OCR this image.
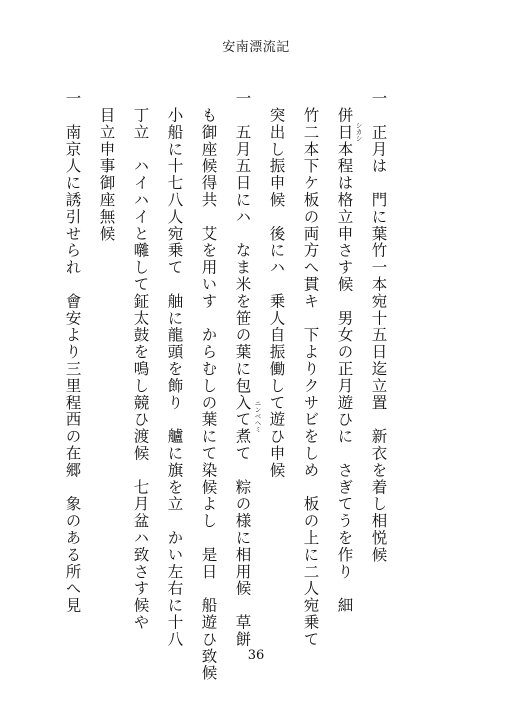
安南漂流記
一　正月は　門に葉竹一本宛十五日迄立置　新衣を着し相悦候
　併日本程は格立申さす候　男女の正月遊ひに　さぎてうを作り　細
　竹二本下ケ板の両方へ貫キ　下よりクサビをしめ　板の上に二人宛乗て
　突出し振申候　後にハ　乗人自振働して遊ひ申候
一　五月五日にハ　なま米を笹の葉に包入て煮て　粽の様に相用候　草餅
　も御座候得共　艾を用いす　からむしの葉にて染候よし　是日　船遊ひ致候
　小船に十七八人宛乗て　舳に龍頭を飾り　艫に旗を立　かい左右に十八
　丁立　ハイハイと囃して鉦太鼓を鳴し競ひ渡候　七月盆ハ致さす候や
　目立申事御座無候
一　南京人に誘引せられ　會安より三里程西の在郷　象のある所へ見	シカシ
ニンベヘミ
36
